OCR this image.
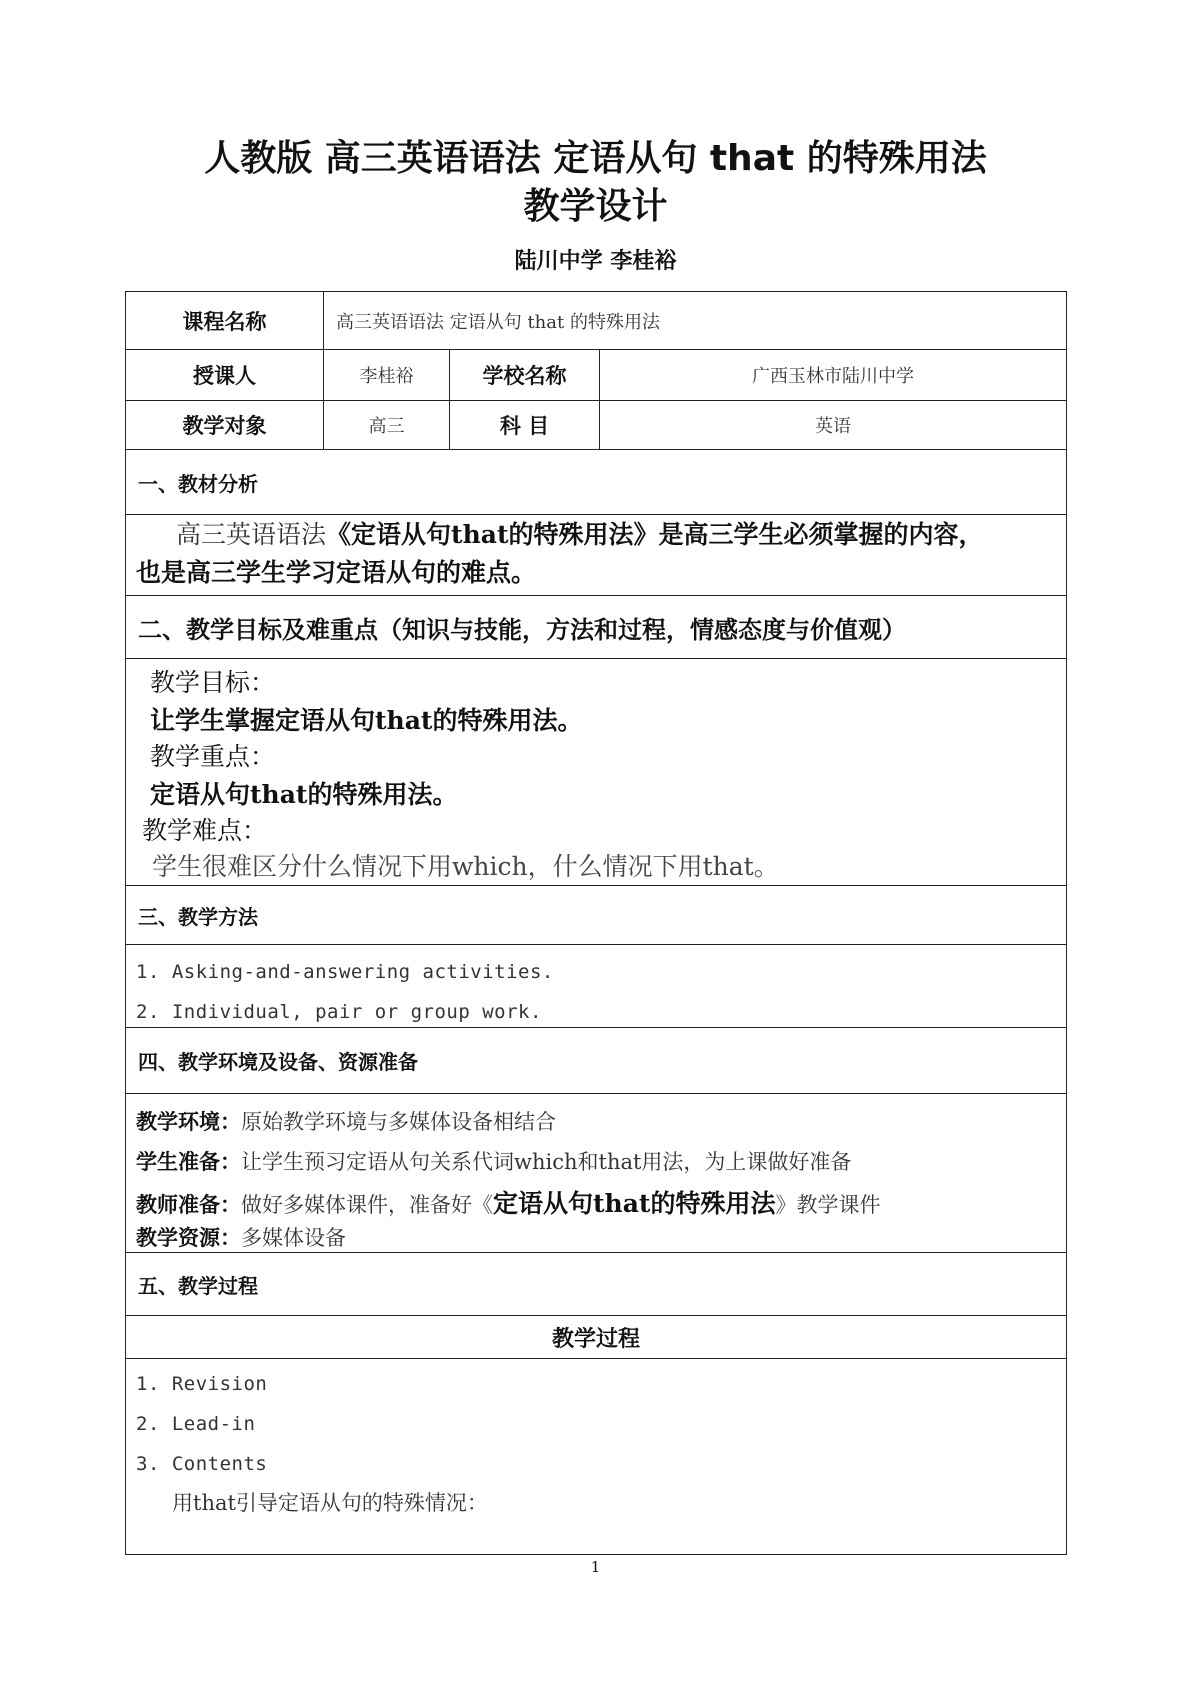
人教版 高三英语语法 定语从句 that 的特殊用法
教学设计
陆川中学 李桂裕
课程名称	高三英语语法 定语从句 that 的特殊用法
授课人	李桂裕	学校名称	广西玉林市陆川中学
教学对象	高三	科 目	英语
一、教材分析
高三英语语法《定语从句that的特殊用法》是高三学生必须掌握的内容，
也是高三学生学习定语从句的难点。
二、教学目标及难重点（知识与技能，方法和过程，情感态度与价值观）
教学目标：
让学生掌握定语从句that的特殊用法。
教学重点：
定语从句that的特殊用法。
教学难点：
学生很难区分什么情况下用which，什么情况下用that。
三、教学方法
1. Asking-and-answering activities.
2. Individual, pair or group work.
四、教学环境及设备、资源准备
教学环境：原始教学环境与多媒体设备相结合
学生准备：让学生预习定语从句关系代词which和that用法，为上课做好准备
教师准备：做好多媒体课件，准备好《定语从句that的特殊用法》教学课件
教学资源：多媒体设备
五、教学过程
教学过程
1. Revision
2. Lead-in
3. Contents
用that引导定语从句的特殊情况：
1
